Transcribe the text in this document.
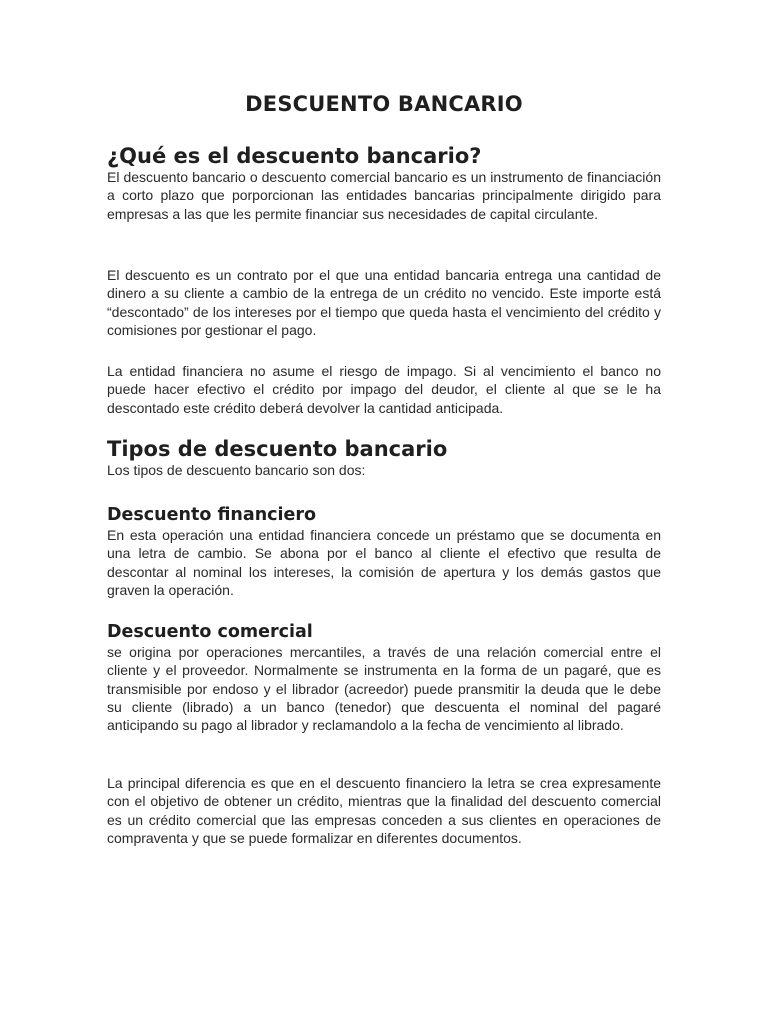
DESCUENTO BANCARIO
¿Qué es el descuento bancario?

El descuento bancario o descuento comercial bancario es un instrumento de financiación a corto plazo que porporcionan las entidades bancarias principalmente dirigido para empresas a las que les permite financiar sus necesidades de capital circulante.

El descuento es un contrato por el que una entidad bancaria entrega una cantidad de dinero a su cliente a cambio de la entrega de un crédito no vencido. Este importe está “descontado” de los intereses por el tiempo que queda hasta el vencimiento del crédito y comisiones por gestionar el pago.

La entidad financiera no asume el riesgo de impago. Si al vencimiento el banco no puede hacer efectivo el crédito por impago del deudor, el cliente al que se le ha descontado este crédito deberá devolver la cantidad anticipada.

Tipos de descuento bancario

Los tipos de descuento bancario son dos:

Descuento financiero

En esta operación una entidad financiera concede un préstamo que se documenta en una letra de cambio. Se abona por el banco al cliente el efectivo que resulta de descontar al nominal los intereses, la comisión de apertura y los demás gastos que graven la operación.

Descuento comercial

se origina por operaciones mercantiles, a través de una relación comercial entre el cliente y el proveedor. Normalmente se instrumenta en la forma de un pagaré, que es transmisible por endoso y el librador (acreedor) puede pransmitir la deuda que le debe su cliente (librado) a un banco (tenedor) que descuenta el nominal del pagaré anticipando su pago al librador y reclamandolo a la fecha de vencimiento al librado.

La principal diferencia es que en el descuento financiero la letra se crea expresamente con el objetivo de obtener un crédito, mientras que la finalidad del descuento comercial es un crédito comercial que las empresas conceden a sus clientes en operaciones de compraventa y que se puede formalizar en diferentes documentos.
